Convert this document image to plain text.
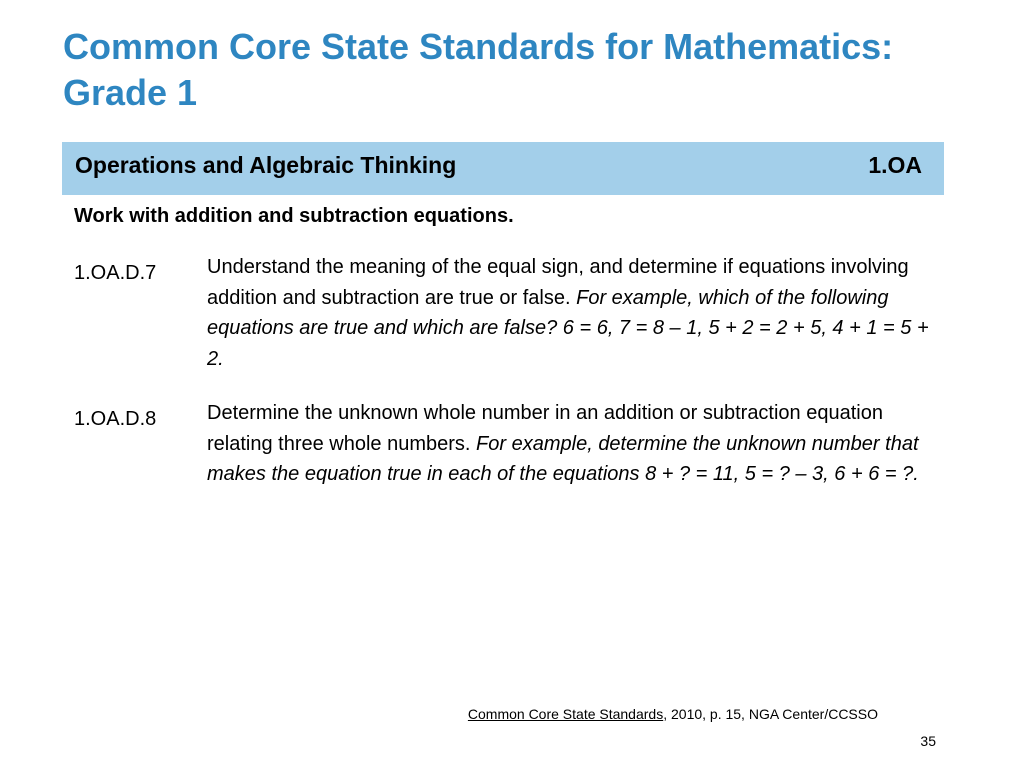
Common Core State Standards for Mathematics: Grade 1
Operations and Algebraic Thinking	1.OA
Work with addition and subtraction equations.
1.OA.D.7	Understand the meaning of the equal sign, and determine if equations involving addition and subtraction are true or false. For example, which of the following equations are true and which are false? 6 = 6, 7 = 8 – 1, 5 + 2 = 2 + 5, 4 + 1 = 5 + 2.
1.OA.D.8	Determine the unknown whole number in an addition or subtraction equation relating three whole numbers. For example, determine the unknown number that makes the equation true in each of the equations 8 + ? = 11, 5 = ? – 3, 6 + 6 = ?.
Common Core State Standards, 2010, p. 15, NGA Center/CCSSO
35
